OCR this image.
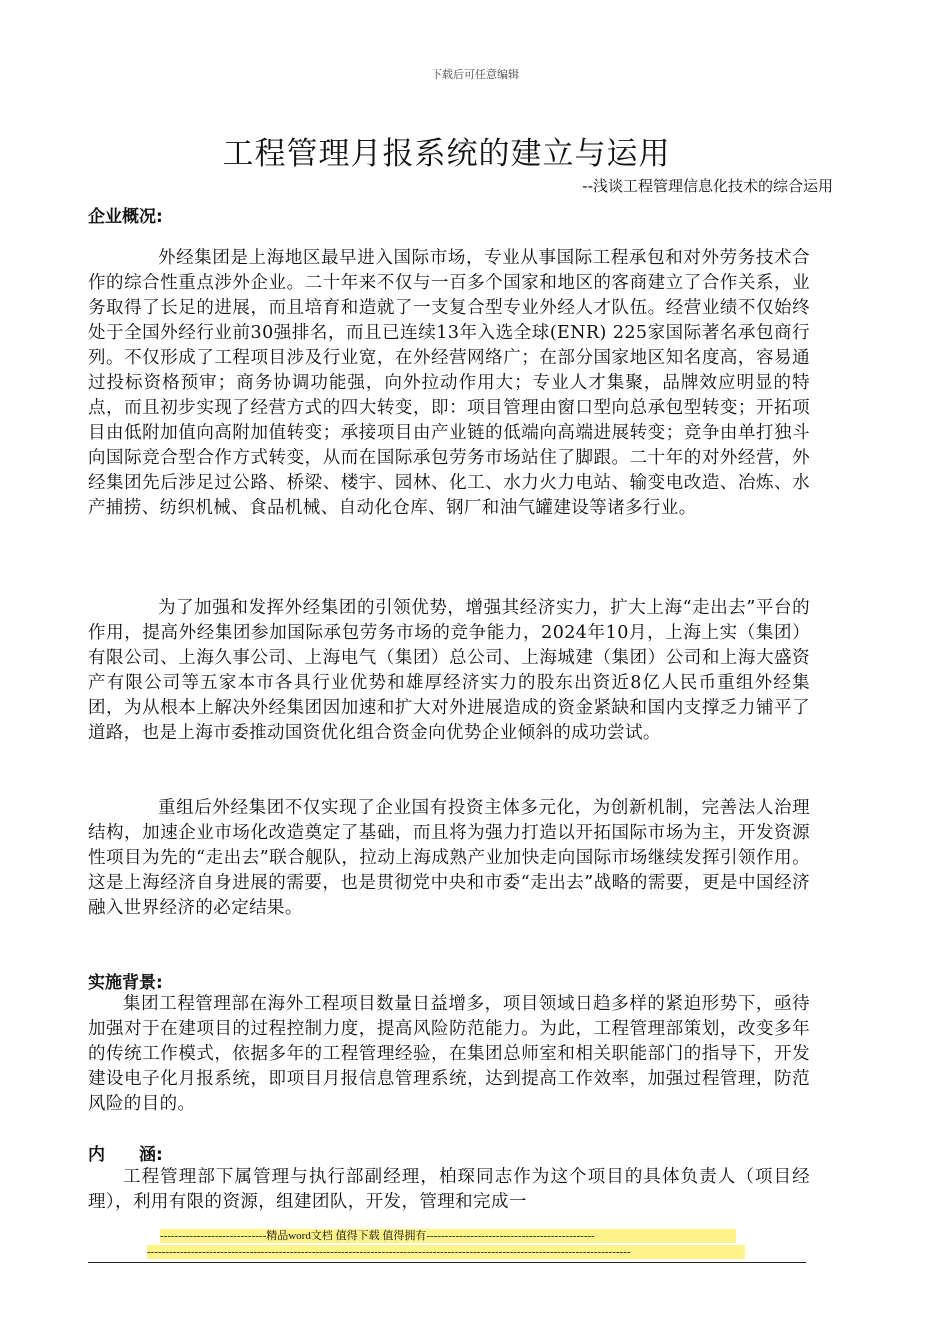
下载后可任意编辑
工程管理月报系统的建立与运用
--浅谈工程管理信息化技术的综合运用
企业概况:

外经集团是上海地区最早进入国际市场，专业从事国际工程承包和对外劳务技术合作的综合性重点涉外企业。二十年来不仅与一百多个国家和地区的客商建立了合作关系，业务取得了长足的进展，而且培育和造就了一支复合型专业外经人才队伍。经营业绩不仅始终处于全国外经行业前30强排名，而且已连续13年入选全球(ENR) 225家国际著名承包商行列。不仅形成了工程项目涉及行业宽，在外经营网络广；在部分国家地区知名度高，容易通过投标资格预审；商务协调功能强，向外拉动作用大；专业人才集聚，品牌效应明显的特点，而且初步实现了经营方式的四大转变，即：项目管理由窗口型向总承包型转变；开拓项目由低附加值向高附加值转变；承接项目由产业链的低端向高端进展转变；竞争由单打独斗向国际竞合型合作方式转变，从而在国际承包劳务市场站住了脚跟。二十年的对外经营，外经集团先后涉足过公路、桥梁、楼宇、园林、化工、水力火力电站、输变电改造、冶炼、水产捕捞、纺织机械、食品机械、自动化仓库、钢厂和油气罐建设等诸多行业。

为了加强和发挥外经集团的引领优势，增强其经济实力，扩大上海“走出去”平台的作用，提高外经集团参加国际承包劳务市场的竞争能力，2024年10月，上海上实（集团）有限公司、上海久事公司、上海电气（集团）总公司、上海城建（集团）公司和上海大盛资产有限公司等五家本市各具行业优势和雄厚经济实力的股东出资近8亿人民币重组外经集团，为从根本上解决外经集团因加速和扩大对外进展造成的资金紧缺和国内支撑乏力铺平了道路，也是上海市委推动国资优化组合资金向优势企业倾斜的成功尝试。

重组后外经集团不仅实现了企业国有投资主体多元化，为创新机制，完善法人治理结构，加速企业市场化改造奠定了基础，而且将为强力打造以开拓国际市场为主，开发资源性项目为先的“走出去”联合舰队，拉动上海成熟产业加快走向国际市场继续发挥引领作用。这是上海经济自身进展的需要，也是贯彻党中央和市委“走出去”战略的需要，更是中国经济融入世界经济的必定结果。

实施背景:

集团工程管理部在海外工程项目数量日益增多，项目领域日趋多样的紧迫形势下，亟待加强对于在建项目的过程控制力度，提高风险防范能力。为此，工程管理部策划，改变多年的传统工作模式，依据多年的工程管理经验，在集团总师室和相关职能部门的指导下，开发建设电子化月报系统，即项目月报信息管理系统，达到提高工作效率，加强过程管理，防范风险的目的。

内　　涵:

工程管理部下属管理与执行部副经理，柏琛同志作为这个项目的具体负责人（项目经理），利用有限的资源，组建团队，开发，管理和完成一

-----------------------------精品word文档 值得下载 值得拥有----------------------------------------------
------------------------------------------------------------------------------------------------------------------------------------
